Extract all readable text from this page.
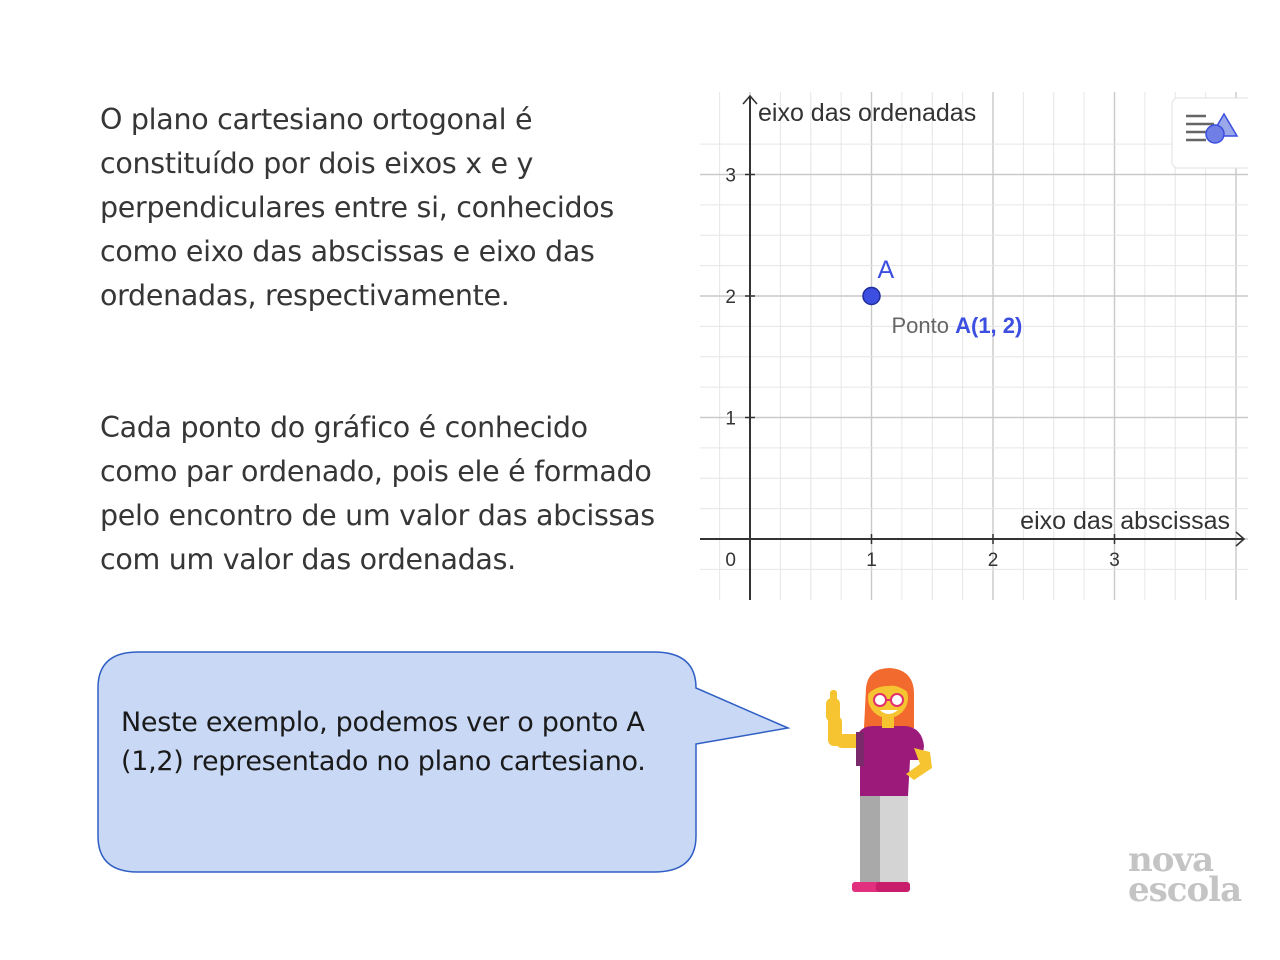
O plano cartesiano ortogonal é constituído por dois eixos x e y perpendiculares entre si, conhecidos como eixo das abscissas e eixo das ordenadas, respectivamente.

Cada ponto do gráfico é conhecido como par ordenado, pois ele é formado pelo encontro de um valor das abcissas com um valor das ordenadas.	1	2	3
1
2
3
0
A
Ponto A(1, 2)
eixo das ordenadas
eixo das abscissas

Neste exemplo, podemos ver o ponto A (1,2) representado no plano cartesiano.

nova
escola
